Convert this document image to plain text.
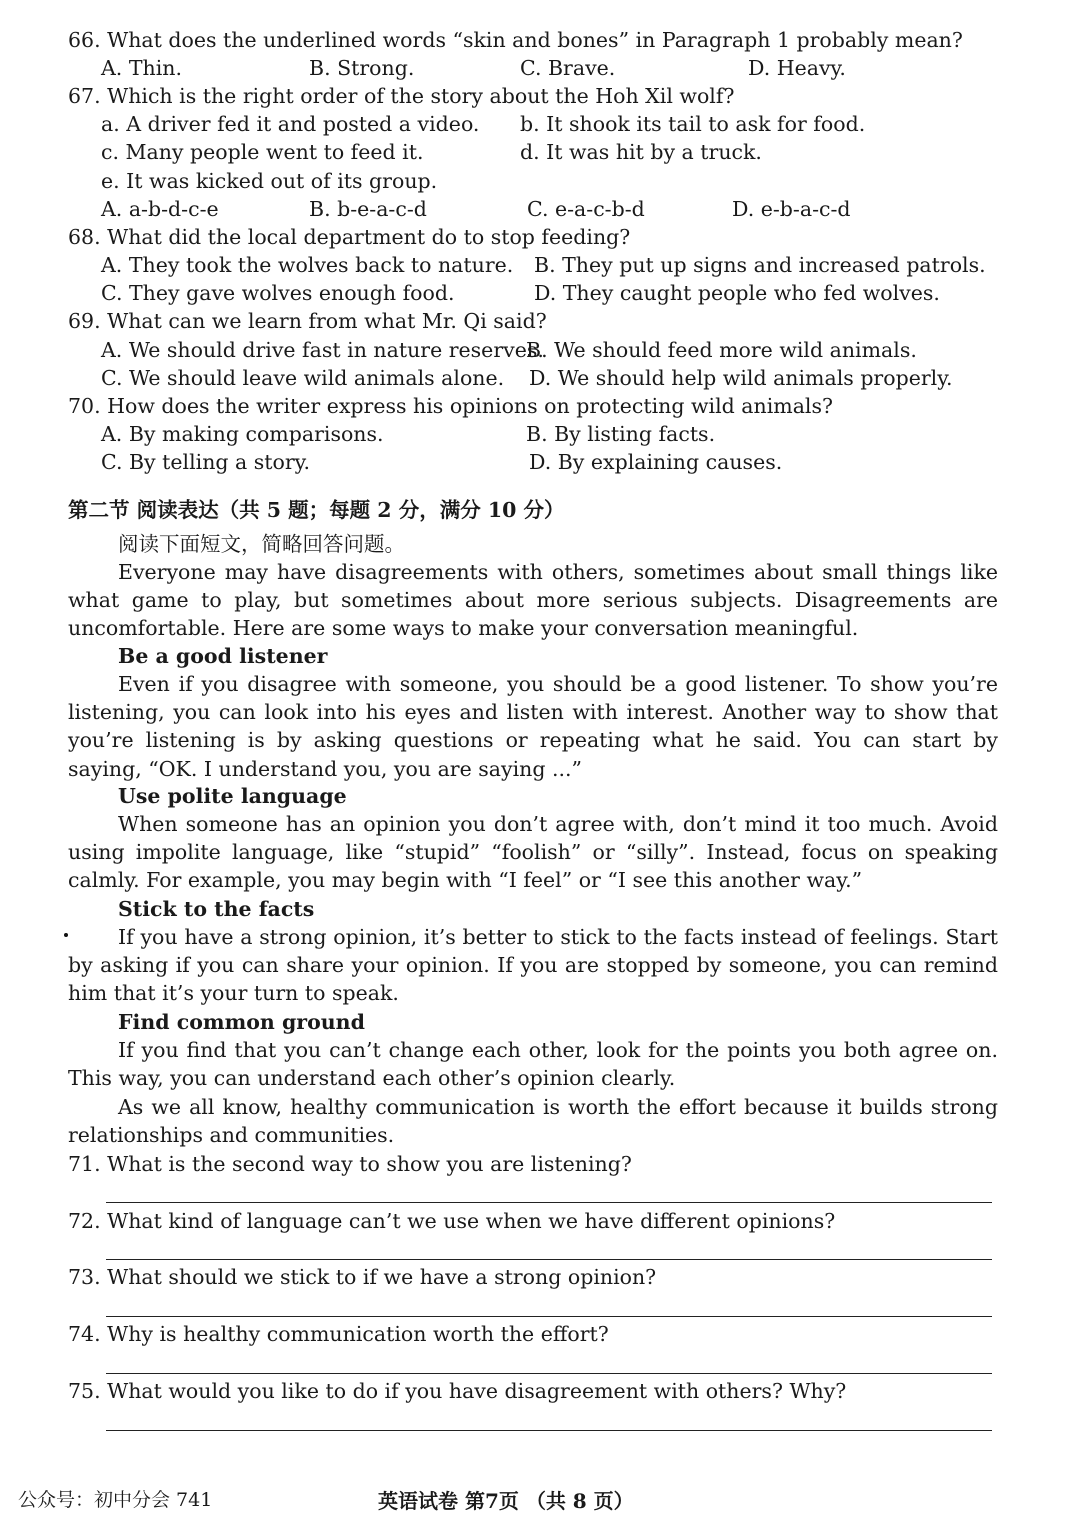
66. What does the underlined words “skin and bones” in Paragraph 1 probably mean?
A. Thin.	B. Strong.	C. Brave.	D. Heavy.
67. Which is the right order of the story about the Hoh Xil wolf?
a. A driver fed it and posted a video. b. It shook its tail to ask for food.
c. Many people went to feed it.	d. It was hit by a truck.
e. It was kicked out of its group.
A. a-b-d-c-e	B. b-e-a-c-d	C. e-a-c-b-d	D. e-b-a-c-d
68. What did the local department do to stop feeding?
A. They took the wolves back to nature. B. They put up signs and increased patrols.
C. They gave wolves enough food.	D. They caught people who fed wolves.
69. What can we learn from what Mr. Qi said?
A. We should drive fast in nature reserves.
B. We should feed more wild animals.
C. We should leave wild animals alone. D. We should help wild animals properly.
70. How does the writer express his opinions on protecting wild animals?
A. By making comparisons.	B. By listing facts.
C. By telling a story.	D. By explaining causes.
第二节 阅读表达（共 5 题；每题 2 分，满分 10 分）
阅读下面短文，简略回答问题。
Everyone may have disagreements with others, sometimes about small things like what game to play, but sometimes about more serious subjects. Disagreements are uncomfortable. Here are some ways to make your conversation meaningful.
Be a good listener
Even if you disagree with someone, you should be a good listener. To show you’re listening, you can look into his eyes and listen with interest. Another way to show that you’re listening is by asking questions or repeating what he said. You can start by saying, “OK. I understand you, you are saying ...”
Use polite language
When someone has an opinion you don’t agree with, don’t mind it too much. Avoid using impolite language, like “stupid” “foolish” or “silly”. Instead, focus on speaking calmly. For example, you may begin with “I feel” or “I see this another way.”
Stick to the facts
If you have a strong opinion, it’s better to stick to the facts instead of feelings. Start by asking if you can share your opinion. If you are stopped by someone, you can remind him that it’s your turn to speak.
Find common ground
If you find that you can’t change each other, look for the points you both agree on. This way, you can understand each other’s opinion clearly.
As we all know, healthy communication is worth the effort because it builds strong relationships and communities.
71. What is the second way to show you are listening?
72. What kind of language can’t we use when we have different opinions?
73. What should we stick to if we have a strong opinion?
74. Why is healthy communication worth the effort?
75. What would you like to do if you have disagreement with others? Why?
公众号：初中分会 741	英语试卷 第7页 （共 8 页）
